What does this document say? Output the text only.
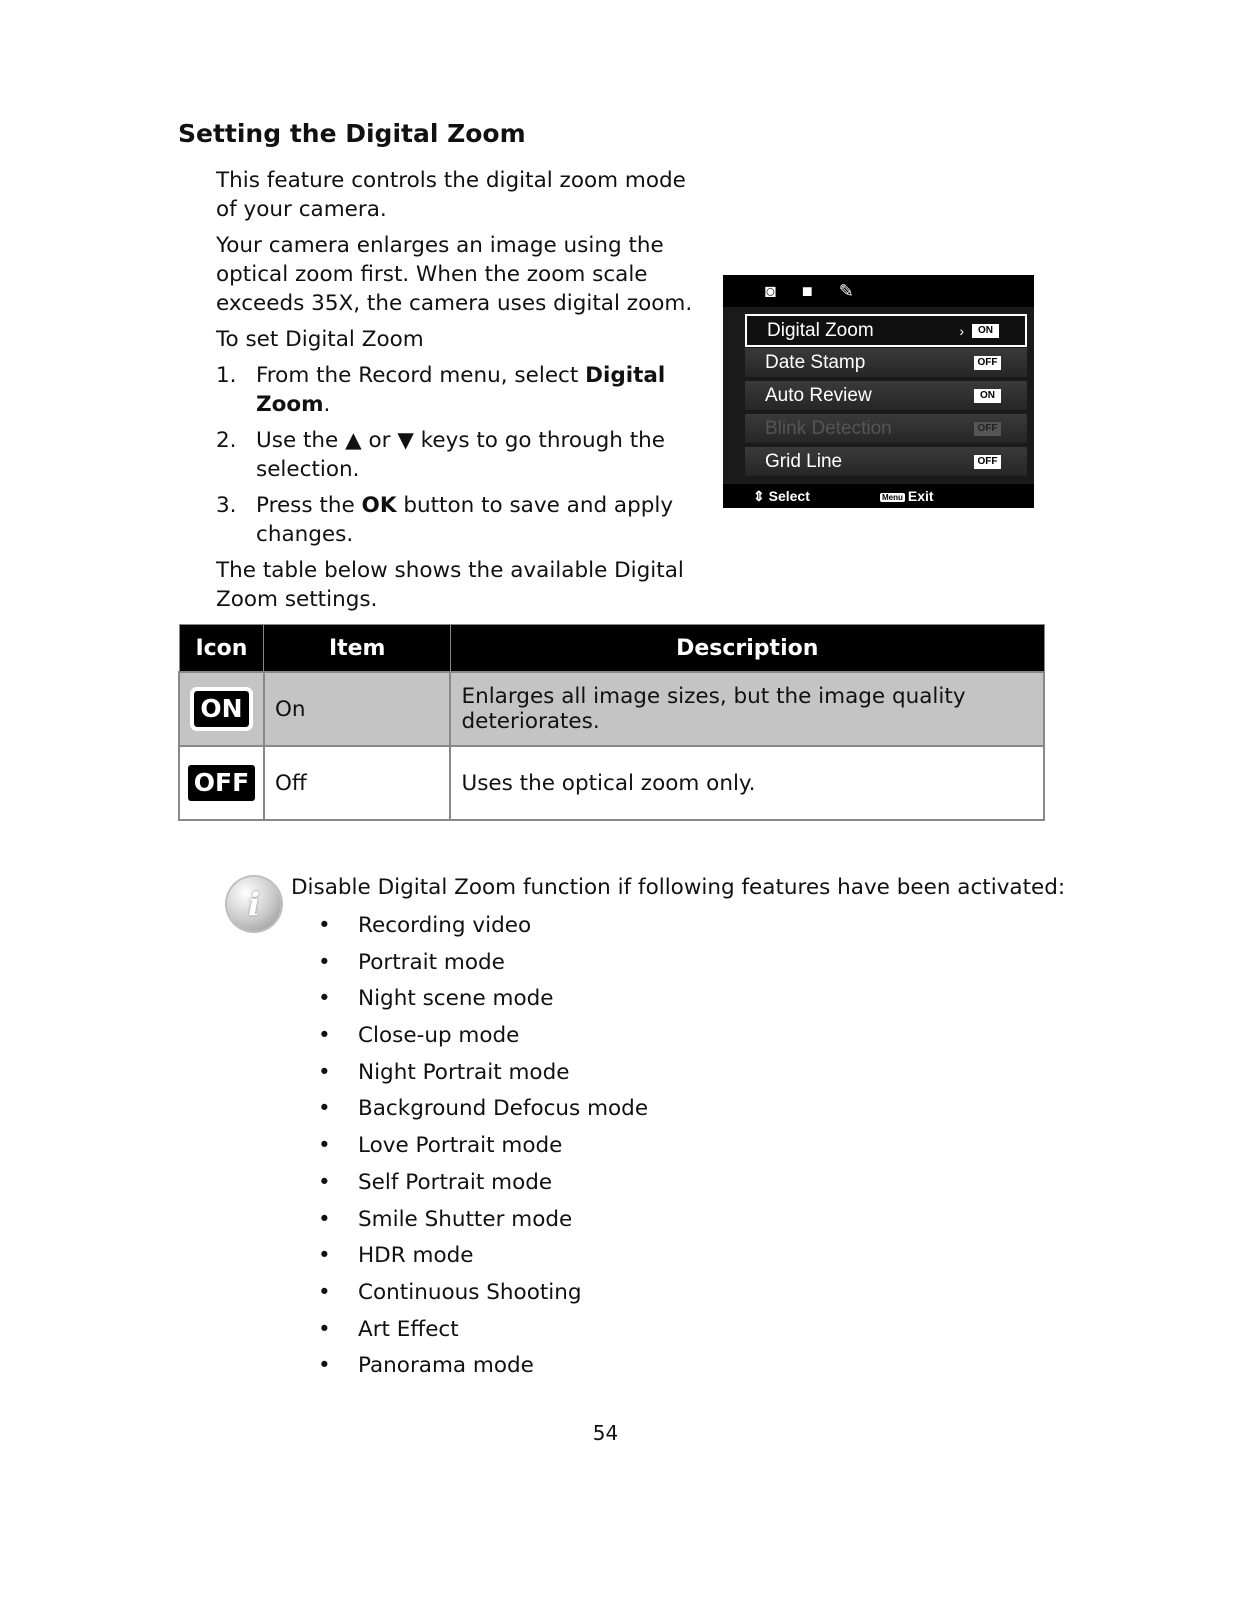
Setting the Digital Zoom

This feature controls the digital zoom mode of your camera.

Your camera enlarges an image using the optical zoom first. When the zoom scale exceeds 35X, the camera uses digital zoom.

To set Digital Zoom

1. From the Record menu, select Digital Zoom.
2. Use the ▲ or ▼ keys to go through the selection.
3. Press the OK button to save and apply changes.

The table below shows the available Digital Zoom settings.

◙ ■ ✎
Digital Zoom	›	ON
Date Stamp	OFF
Auto Review	ON
Blink Detection	OFF
Grid Line	OFF
⇕ Select	Menu Exit
Icon	Item	Description
ON	On	Enlarges all image sizes, but the image quality deteriorates.
OFF	Off	Uses the optical zoom only.
i	Disable Digital Zoom function if following features have been activated:

• Recording video
• Portrait mode
• Night scene mode
• Close-up mode
• Night Portrait mode
• Background Defocus mode
• Love Portrait mode
• Self Portrait mode
• Smile Shutter mode
• HDR mode
• Continuous Shooting
• Art Effect
• Panorama mode
54
